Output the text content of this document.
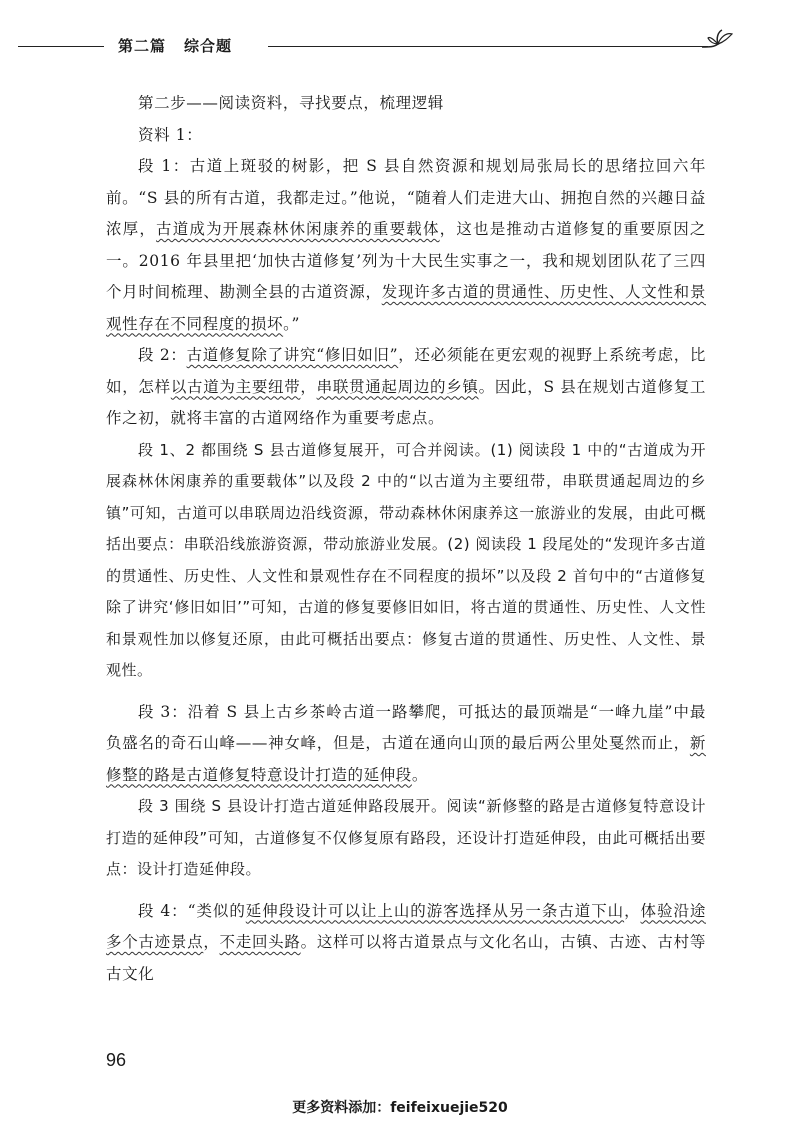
第二篇 综合题

第二步——阅读资料，寻找要点，梳理逻辑

资料 1：

段 1：古道上斑驳的树影，把 S 县自然资源和规划局张局长的思绪拉回六年前。“S 县的所有古道，我都走过。”他说，“随着人们走进大山、拥抱自然的兴趣日益浓厚，古道成为开展森林休闲康养的重要载体，这也是推动古道修复的重要原因之一。2016 年县里把‘加快古道修复’列为十大民生实事之一，我和规划团队花了三四个月时间梳理、勘测全县的古道资源，发现许多古道的贯通性、历史性、人文性和景观性存在不同程度的损坏。”

段 2：古道修复除了讲究“修旧如旧”，还必须能在更宏观的视野上系统考虑，比如，怎样以古道为主要纽带，串联贯通起周边的乡镇。因此，S 县在规划古道修复工作之初，就将丰富的古道网络作为重要考虑点。

段 1、2 都围绕 S 县古道修复展开，可合并阅读。(1) 阅读段 1 中的“古道成为开展森林休闲康养的重要载体”以及段 2 中的“以古道为主要纽带，串联贯通起周边的乡镇”可知，古道可以串联周边沿线资源，带动森林休闲康养这一旅游业的发展，由此可概括出要点：串联沿线旅游资源，带动旅游业发展。(2) 阅读段 1 段尾处的“发现许多古道的贯通性、历史性、人文性和景观性存在不同程度的损坏”以及段 2 首句中的“古道修复除了讲究‘修旧如旧’”可知，古道的修复要修旧如旧，将古道的贯通性、历史性、人文性和景观性加以修复还原，由此可概括出要点：修复古道的贯通性、历史性、人文性、景观性。

段 3：沿着 S 县上古乡茶岭古道一路攀爬，可抵达的最顶端是“一峰九崖”中最负盛名的奇石山峰——神女峰，但是，古道在通向山顶的最后两公里处戛然而止，新修整的路是古道修复特意设计打造的延伸段。

段 3 围绕 S 县设计打造古道延伸路段展开。阅读“新修整的路是古道修复特意设计打造的延伸段”可知，古道修复不仅修复原有路段，还设计打造延伸段，由此可概括出要点：设计打造延伸段。

段 4：“类似的延伸段设计可以让上山的游客选择从另一条古道下山，体验沿途多个古迹景点，不走回头路。这样可以将古道景点与文化名山，古镇、古迹、古村等古文化

96
更多资料添加：feifeixuejie520
